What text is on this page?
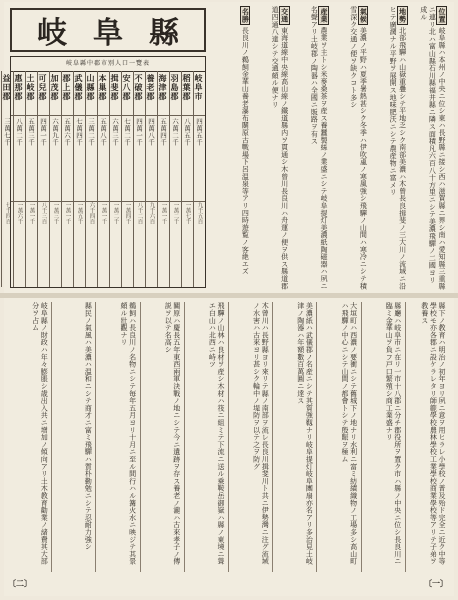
岐阜縣
岐阜縣中郡市別人口一覽表
岐阜市
四萬五千
九千五百
稻葉郡
八萬五千
一萬七千
羽島郡
六萬二千
一萬二千
海津郡
五萬四千
一萬一千
養老郡
四萬八千
九千六百
不破郡
四萬一千
八千二百
安八郡
七萬二千
一萬四千
揖斐郡
六萬三千
一萬二千
本巢郡
五萬八千
一萬一千
山縣郡
三萬二千
六千四百
武儀郡
七萬四千
一萬五千
郡上郡
五萬六千
一萬一千
加茂郡
六萬九千
一萬三千
可兒郡
四萬一千
八千三百
土岐郡
五萬三千
一萬一千
惠那郡
八萬二千
一萬六千
益田郡
三萬七千
七千四百
位置岐阜縣ハ本州ノ中央ニ位シ東ハ長野縣ニ接シ西ハ滋賀縣ニ界シ南ハ愛知縣三重縣ニ連リ北ハ富山縣石川縣福井縣ニ隣ス面積凡六百八十方里ニシテ美濃飛驒ノ二國ヨリ成ル
地勢北部飛驒ハ山嶽重疊シテ平地乏シク南部美濃ハ木曾長良揖斐ノ三大川ノ流域ニ沿ヒテ廣濶ナル平野ヲ展開ス地味肥沃ニシテ農産物ニ富メリ
氣候美濃ノ平野ハ夏季暑熱甚シク冬季ハ伊吹颪ノ寒風強シ飛驒ノ山間ハ寒冷ニシテ積雪深ク交通ノ便ヲ缺クコト多シ
産業農業ヲ主トシ米麥桑茶ヲ産ス養蠶製絲ノ業盛ニシテ岐阜提灯美濃紙陶磁器ハ夙ニ名聲アリ土岐郡ノ陶器ハ全國ニ販路ヲ有ス
交通東海道線中央線高山線ノ鐵道縣内ヲ貫通シ木曾川長良川ハ舟運ノ便ヲ供ス縣道郡道四通八達シテ交通頗ル便ナリ
名勝長良川ノ鵜飼金華山養老瀑布關原古戰場下呂温泉等アリ四時遊覧ノ客絶エズ
縣下ノ教育ハ明治ノ初年ヨリ夙ニ意ヲ用ヒラレ小學校ノ普及殆ド完全ニ近ク中等學校モ亦各郡ニ設ケラレタリ師範學校農林學校工業學校商業學校等アリテ子弟ヲ教養ス
縣廳ハ岐阜市ニ在リ一市十八郡ニ分チ郡役所ヲ置ク市ハ縣ノ中央ニ位シ長良川ニ臨ミ金華山ヲ負フ戸口繁殖シ商工業盛ナリ
大垣町ハ西濃ノ要衝ニシテ舊城下ノ地ナリ水利ニ富ミ紡績織物ノ工場多シ高山町ハ飛驒ノ中心ニシテ山間ノ都會トシテ殷賑ヲ極ム
美濃紙ハ武儀郡ノ名産ニシテ其質強靱ナリ岐阜提灯岐阜團扇亦名アリ多治見土岐津ノ陶器ハ年額數百萬圓ニ達ス
木曾川ハ長野縣ヨリ來リテ縣ノ南部ヲ流レ長良川揖斐川ト共ニ伊勢灣ニ注グ流域ノ水害ハ古來ヨリ甚シク輪中ノ堤防ヲ以テ之ヲ防グ
飛驒ノ山林ハ良材ヲ産シ木材ハ筏ニ組ミテ下流ニ送ル乘鞍岳御嶽ハ縣ノ東境ニ聳エ白山ハ北西ニ峙ツ
關原ハ慶長五年東西兩軍決戰ノ地ニシテ今ニ遺跡ヲ存ス養老ノ瀧ハ古來孝子ノ傳説ヲ以テ名高シ
鵜飼ハ長良川ノ名物ニシテ毎年五月ヨリ十月ニ至ル間行ハル篝火水ニ映ジテ其景頗ル壯觀ナリ
縣民ノ氣風ハ美濃ハ温和ニシテ商才ニ富ミ飛驒ハ質朴勤勉ニシテ忍耐力強シ
岐阜縣ノ財政ハ年々膨脹シ歳出入共ニ增加ノ傾向アリ土木教育勸業ノ諸費其大部分ヲ占ム
〔二〕	〔一〕
